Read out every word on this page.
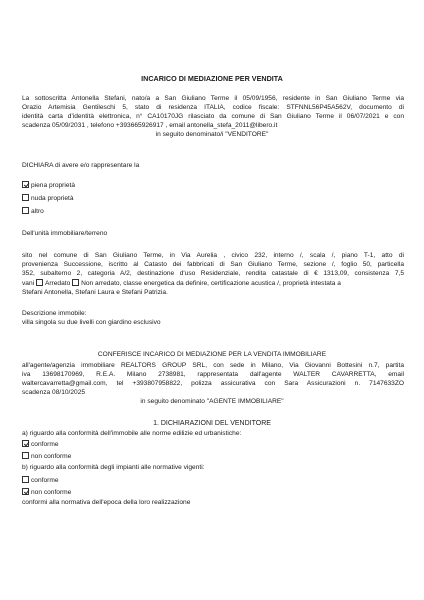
INCARICO DI MEDIAZIONE PER VENDITA
La sottoscritta Antonella Stefani, nato/a a San Giuliano Terme il 05/09/1956, residente in San Giuliano Terme via
Orazio Artemisia Gentileschi 5, stato di residenza ITALIA, codice fiscale: STFNNL56P45A562V, documento di
identità carta d'identità elettronica, n° CA10170JG rilasciato da comune di San Giuliano Terme il 06/07/2021 e con
scadenza 05/09/2031 , telefono +393665926917 , email antonella_stefa_2011@libero.it
in seguito denominato/i "VENDITORE"
DICHIARA di avere e/o rappresentare la
piena proprietà
nuda proprietà
altro
Dell'unità immobiliare/terreno
sito nel comune di San Giuliano Terme, in Via Aurelia , civico 232, interno /, scala /, piano T-1, atto di
provenienza Successione, iscritto al Catasto dei fabbricati di San Giuliano Terme, sezione /, foglio 50, particella
352, subalterno 2, categoria A/2, destinazione d'uso Residenziale, rendita catastale di € 1313,09, consistenza 7,5
vani Arredato Non arredato, classe energetica da definire, certificazione acustica /, proprietà intestata a
Stefani Antonella, Stefani Laura e Stefani Patrizia.
Descrizione immobile:
villa singola su due livelli con giardino esclusivo
CONFERISCE INCARICO DI MEDIAZIONE PER LA VENDITA IMMOBILIARE
all'agente/agenzia immobiliare REALTORS GROUP SRL, con sede in Milano, Via Giovanni Bottesini n.7, partita
iva 13698170969, R.E.A. Milano 2738981, rappresentata dall'agente WALTER CAVARRETTA, email
waltercavarretta@gmail.com, tel +393807958822, polizza assicurativa con Sara Assicurazioni n. 7147633ZO
scadenza 08/10/2025
in seguito denominato "AGENTE IMMOBILIARE"
1. DICHIARAZIONI DEL VENDITORE
a) riguardo alla conformità dell'immobile alle norme edilizie ed urbanistiche:
conforme
non conforme
b) riguardo alla conformità degli impianti alle normative vigenti:
conforme
non conforme
conformi alla normativa dell'epoca della loro realizzazione
